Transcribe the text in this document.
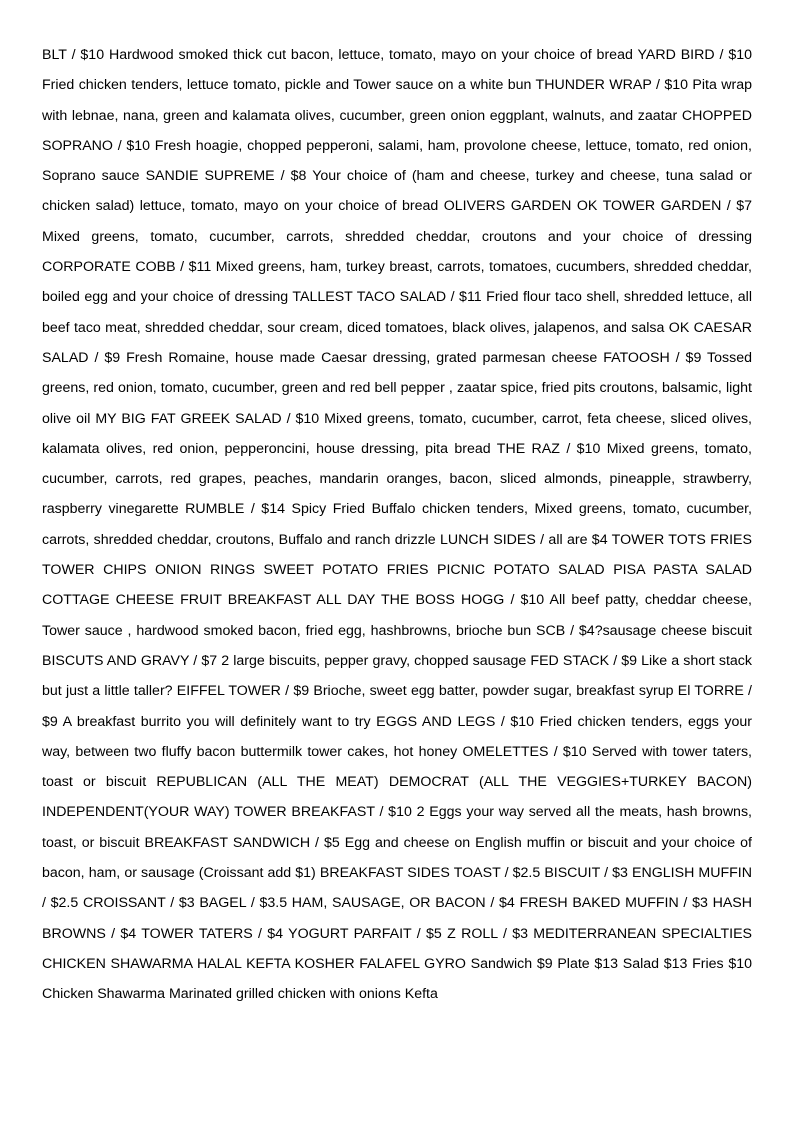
BLT / $10 Hardwood smoked thick cut bacon, lettuce, tomato, mayo on your choice of bread YARD BIRD / $10 Fried chicken tenders, lettuce tomato, pickle and Tower sauce on a white bun THUNDER WRAP / $10 Pita wrap with lebnae, nana, green and kalamata olives, cucumber, green onion eggplant, walnuts, and zaatar CHOPPED SOPRANO / $10 Fresh hoagie, chopped pepperoni, salami, ham, provolone cheese, lettuce, tomato, red onion, Soprano sauce SANDIE SUPREME / $8 Your choice of (ham and cheese, turkey and cheese, tuna salad or chicken salad) lettuce, tomato, mayo on your choice of bread OLIVERS GARDEN OK TOWER GARDEN / $7 Mixed greens, tomato, cucumber, carrots, shredded cheddar, croutons and your choice of dressing CORPORATE COBB / $11 Mixed greens, ham, turkey breast, carrots, tomatoes, cucumbers, shredded cheddar, boiled egg and your choice of dressing TALLEST TACO SALAD / $11 Fried flour taco shell, shredded lettuce, all beef taco meat, shredded cheddar, sour cream, diced tomatoes, black olives, jalapenos, and salsa OK CAESAR SALAD / $9 Fresh Romaine, house made Caesar dressing, grated parmesan cheese FATOOSH / $9 Tossed greens, red onion, tomato, cucumber, green and red bell pepper , zaatar spice, fried pits croutons, balsamic, light olive oil MY BIG FAT GREEK SALAD / $10 Mixed greens, tomato, cucumber, carrot, feta cheese, sliced olives, kalamata olives, red onion, pepperoncini, house dressing, pita bread THE RAZ / $10 Mixed greens, tomato, cucumber, carrots, red grapes, peaches, mandarin oranges, bacon, sliced almonds, pineapple, strawberry, raspberry vinegarette RUMBLE / $14 Spicy Fried Buffalo chicken tenders, Mixed greens, tomato, cucumber, carrots, shredded cheddar, croutons, Buffalo and ranch drizzle LUNCH SIDES / all are $4 TOWER TOTS FRIES TOWER CHIPS ONION RINGS SWEET POTATO FRIES PICNIC POTATO SALAD PISA PASTA SALAD COTTAGE CHEESE FRUIT BREAKFAST ALL DAY THE BOSS HOGG / $10 All beef patty, cheddar cheese, Tower sauce , hardwood smoked bacon, fried egg, hashbrowns, brioche bun SCB / $4?sausage cheese biscuit BISCUTS AND GRAVY / $7 2 large biscuits, pepper gravy, chopped sausage FED STACK / $9 Like a short stack but just a little taller? EIFFEL TOWER / $9 Brioche, sweet egg batter, powder sugar, breakfast syrup El TORRE / $9 A breakfast burrito you will definitely want to try EGGS AND LEGS / $10 Fried chicken tenders, eggs your way, between two fluffy bacon buttermilk tower cakes, hot honey OMELETTES / $10 Served with tower taters, toast or biscuit REPUBLICAN (ALL THE MEAT) DEMOCRAT (ALL THE VEGGIES+TURKEY BACON) INDEPENDENT(YOUR WAY) TOWER BREAKFAST / $10 2 Eggs your way served all the meats, hash browns, toast, or biscuit BREAKFAST SANDWICH / $5 Egg and cheese on English muffin or biscuit and your choice of bacon, ham, or sausage (Croissant add $1) BREAKFAST SIDES TOAST / $2.5 BISCUIT / $3 ENGLISH MUFFIN / $2.5 CROISSANT / $3 BAGEL / $3.5 HAM, SAUSAGE, OR BACON / $4 FRESH BAKED MUFFIN / $3 HASH BROWNS / $4 TOWER TATERS / $4 YOGURT PARFAIT / $5 Z ROLL / $3 MEDITERRANEAN SPECIALTIES CHICKEN SHAWARMA HALAL KEFTA KOSHER FALAFEL GYRO Sandwich $9 Plate $13 Salad $13 Fries $10 Chicken Shawarma Marinated grilled chicken with onions Kefta
